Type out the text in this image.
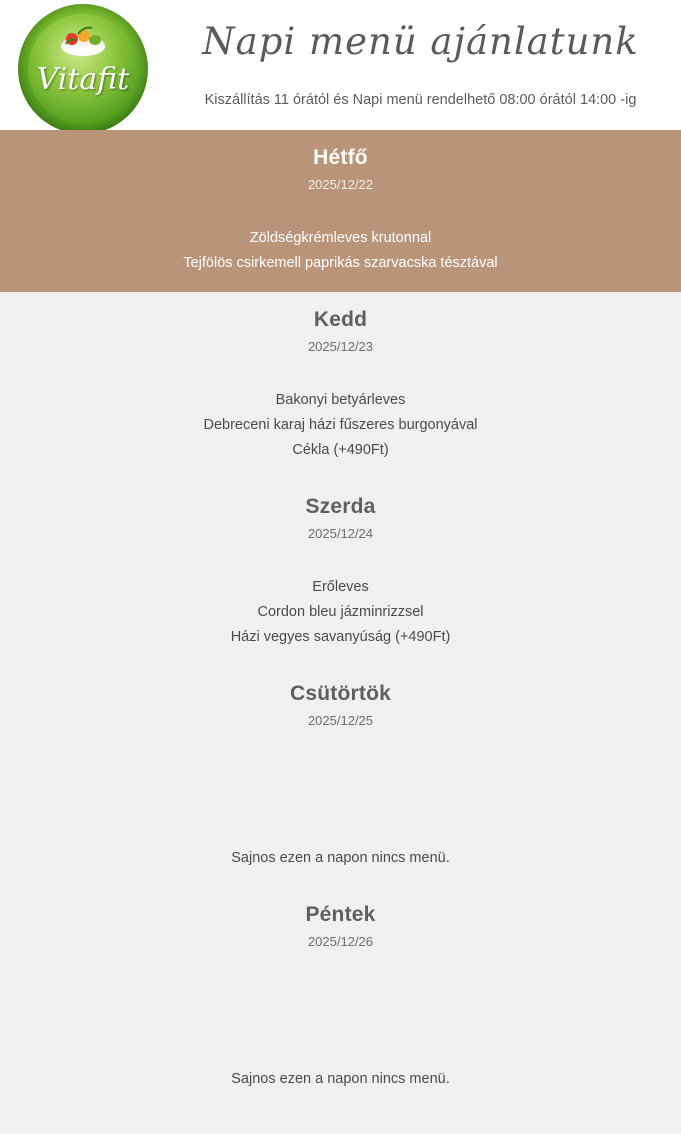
Vitafit
Napi menü ajánlatunk
Kiszállítás 11 órától és Napi menü rendelhető 08:00 órától 14:00 -ig
Hétfő
2025/12/22
Zöldségkrémleves krutonnal
Tejfölös csirkemell paprikás szarvacska tésztával
Kedd
2025/12/23
Bakonyi betyárleves
Debreceni karaj házi fűszeres burgonyával
Cékla (+490Ft)
Szerda
2025/12/24
Erőleves
Cordon bleu jázminrizzsel
Házi vegyes savanyúság (+490Ft)
Csütörtök
2025/12/25
Sajnos ezen a napon nincs menü.
Péntek
2025/12/26
Sajnos ezen a napon nincs menü.
